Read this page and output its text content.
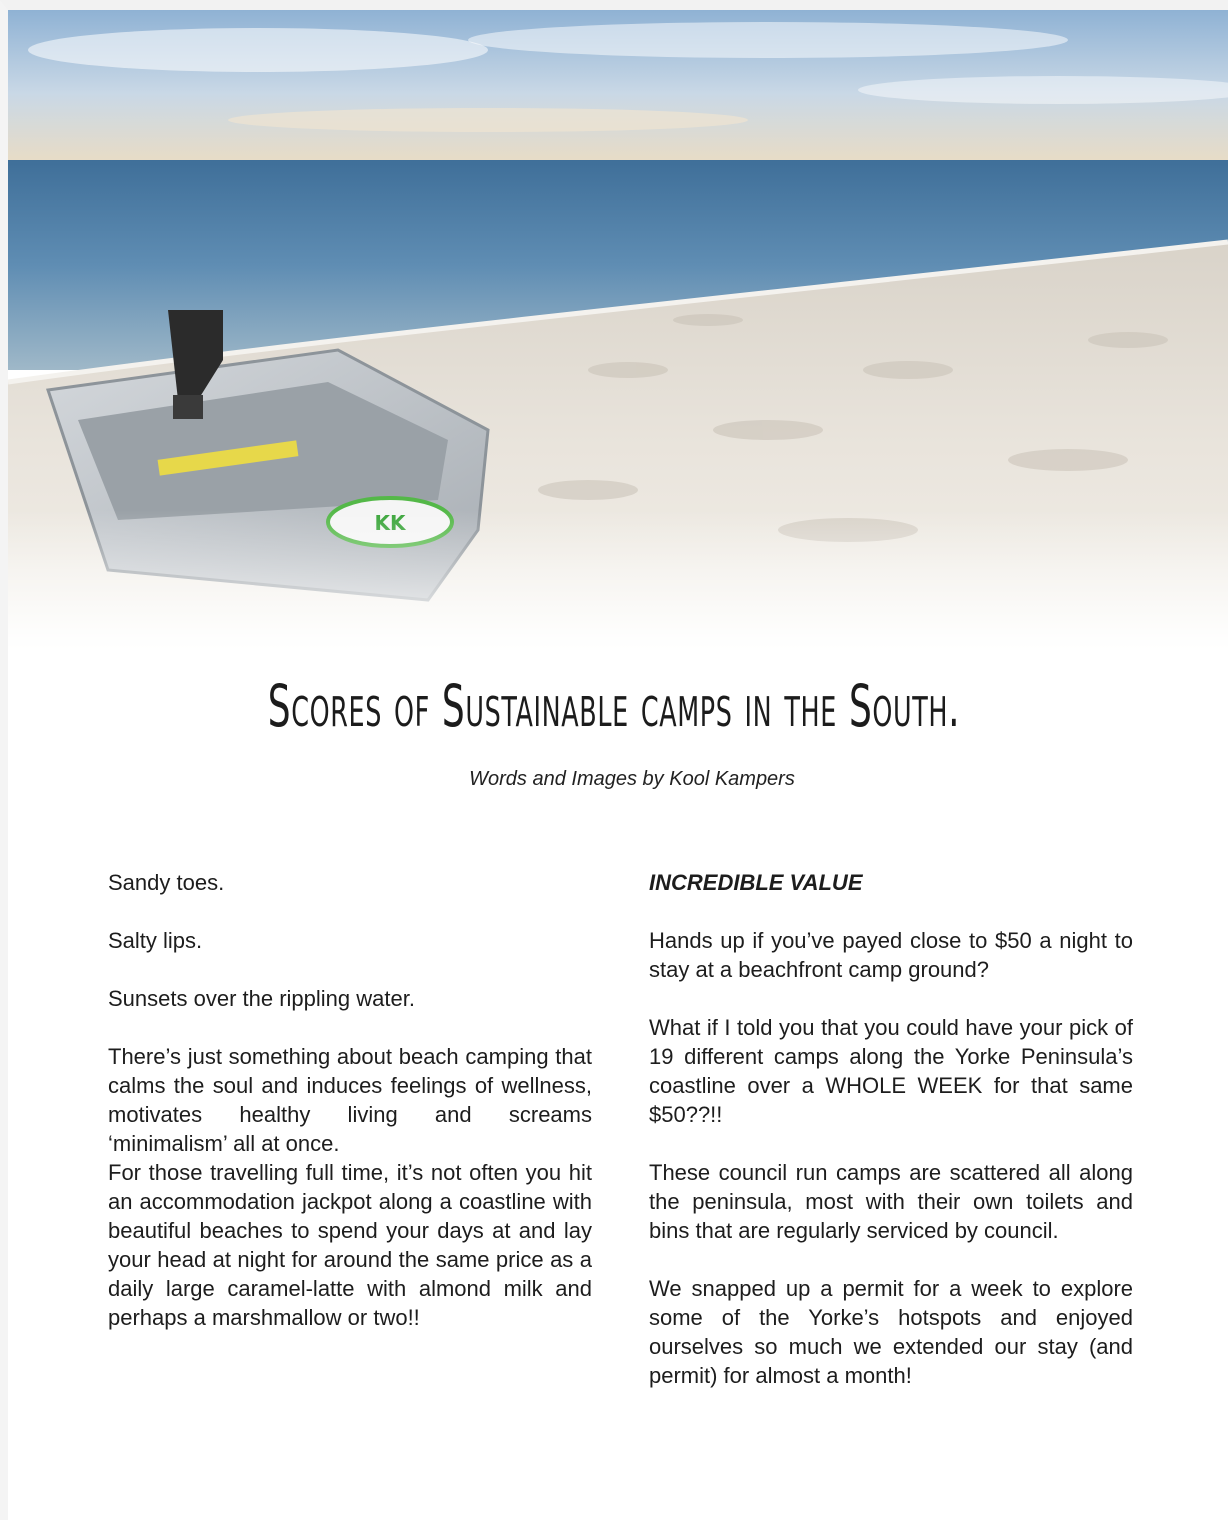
Scores of Sustainable camps in the South.
Words and Images by Kool Kampers

Sandy toes.

Salty lips.

Sunsets over the rippling water.

There’s just something about beach camping that calms the soul and induces feelings of wellness, motivates healthy living and screams ‘minimalism’ all at once.

For those travelling full time, it’s not often you hit an accommodation jackpot along a coastline with beautiful beaches to spend your days at and lay your head at night for around the same price as a daily large caramel-latte with almond milk and perhaps a marshmallow or two!!

INCREDIBLE VALUE

Hands up if you’ve payed close to $50 a night to stay at a beachfront camp ground?

What if I told you that you could have your pick of 19 different camps along the Yorke Peninsula’s coastline over a WHOLE WEEK for that same $50??!!

These council run camps are scattered all along the peninsula, most with their own toilets and bins that are regularly serviced by council.

We snapped up a permit for a week to explore some of the Yorke’s hotspots and enjoyed ourselves so much we extended our stay (and permit) for almost a month!
